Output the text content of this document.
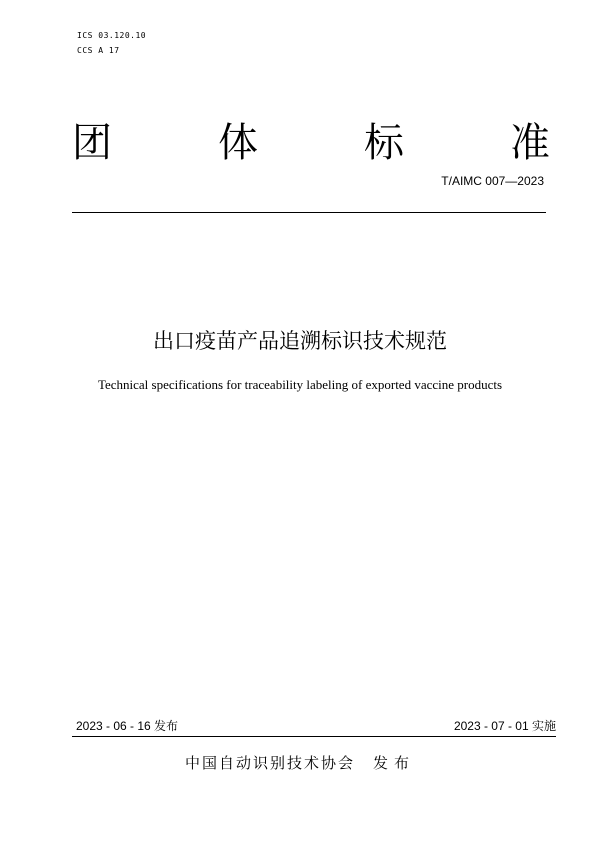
ICS 03.120.10
CCS A 17
团	体	标	准
T/AIMC 007—2023
出口疫苗产品追溯标识技术规范
Technical specifications for traceability labeling of exported vaccine products
2023 - 06 - 16 发布	2023 - 07 - 01 实施
中国自动识别技术协会 发布
